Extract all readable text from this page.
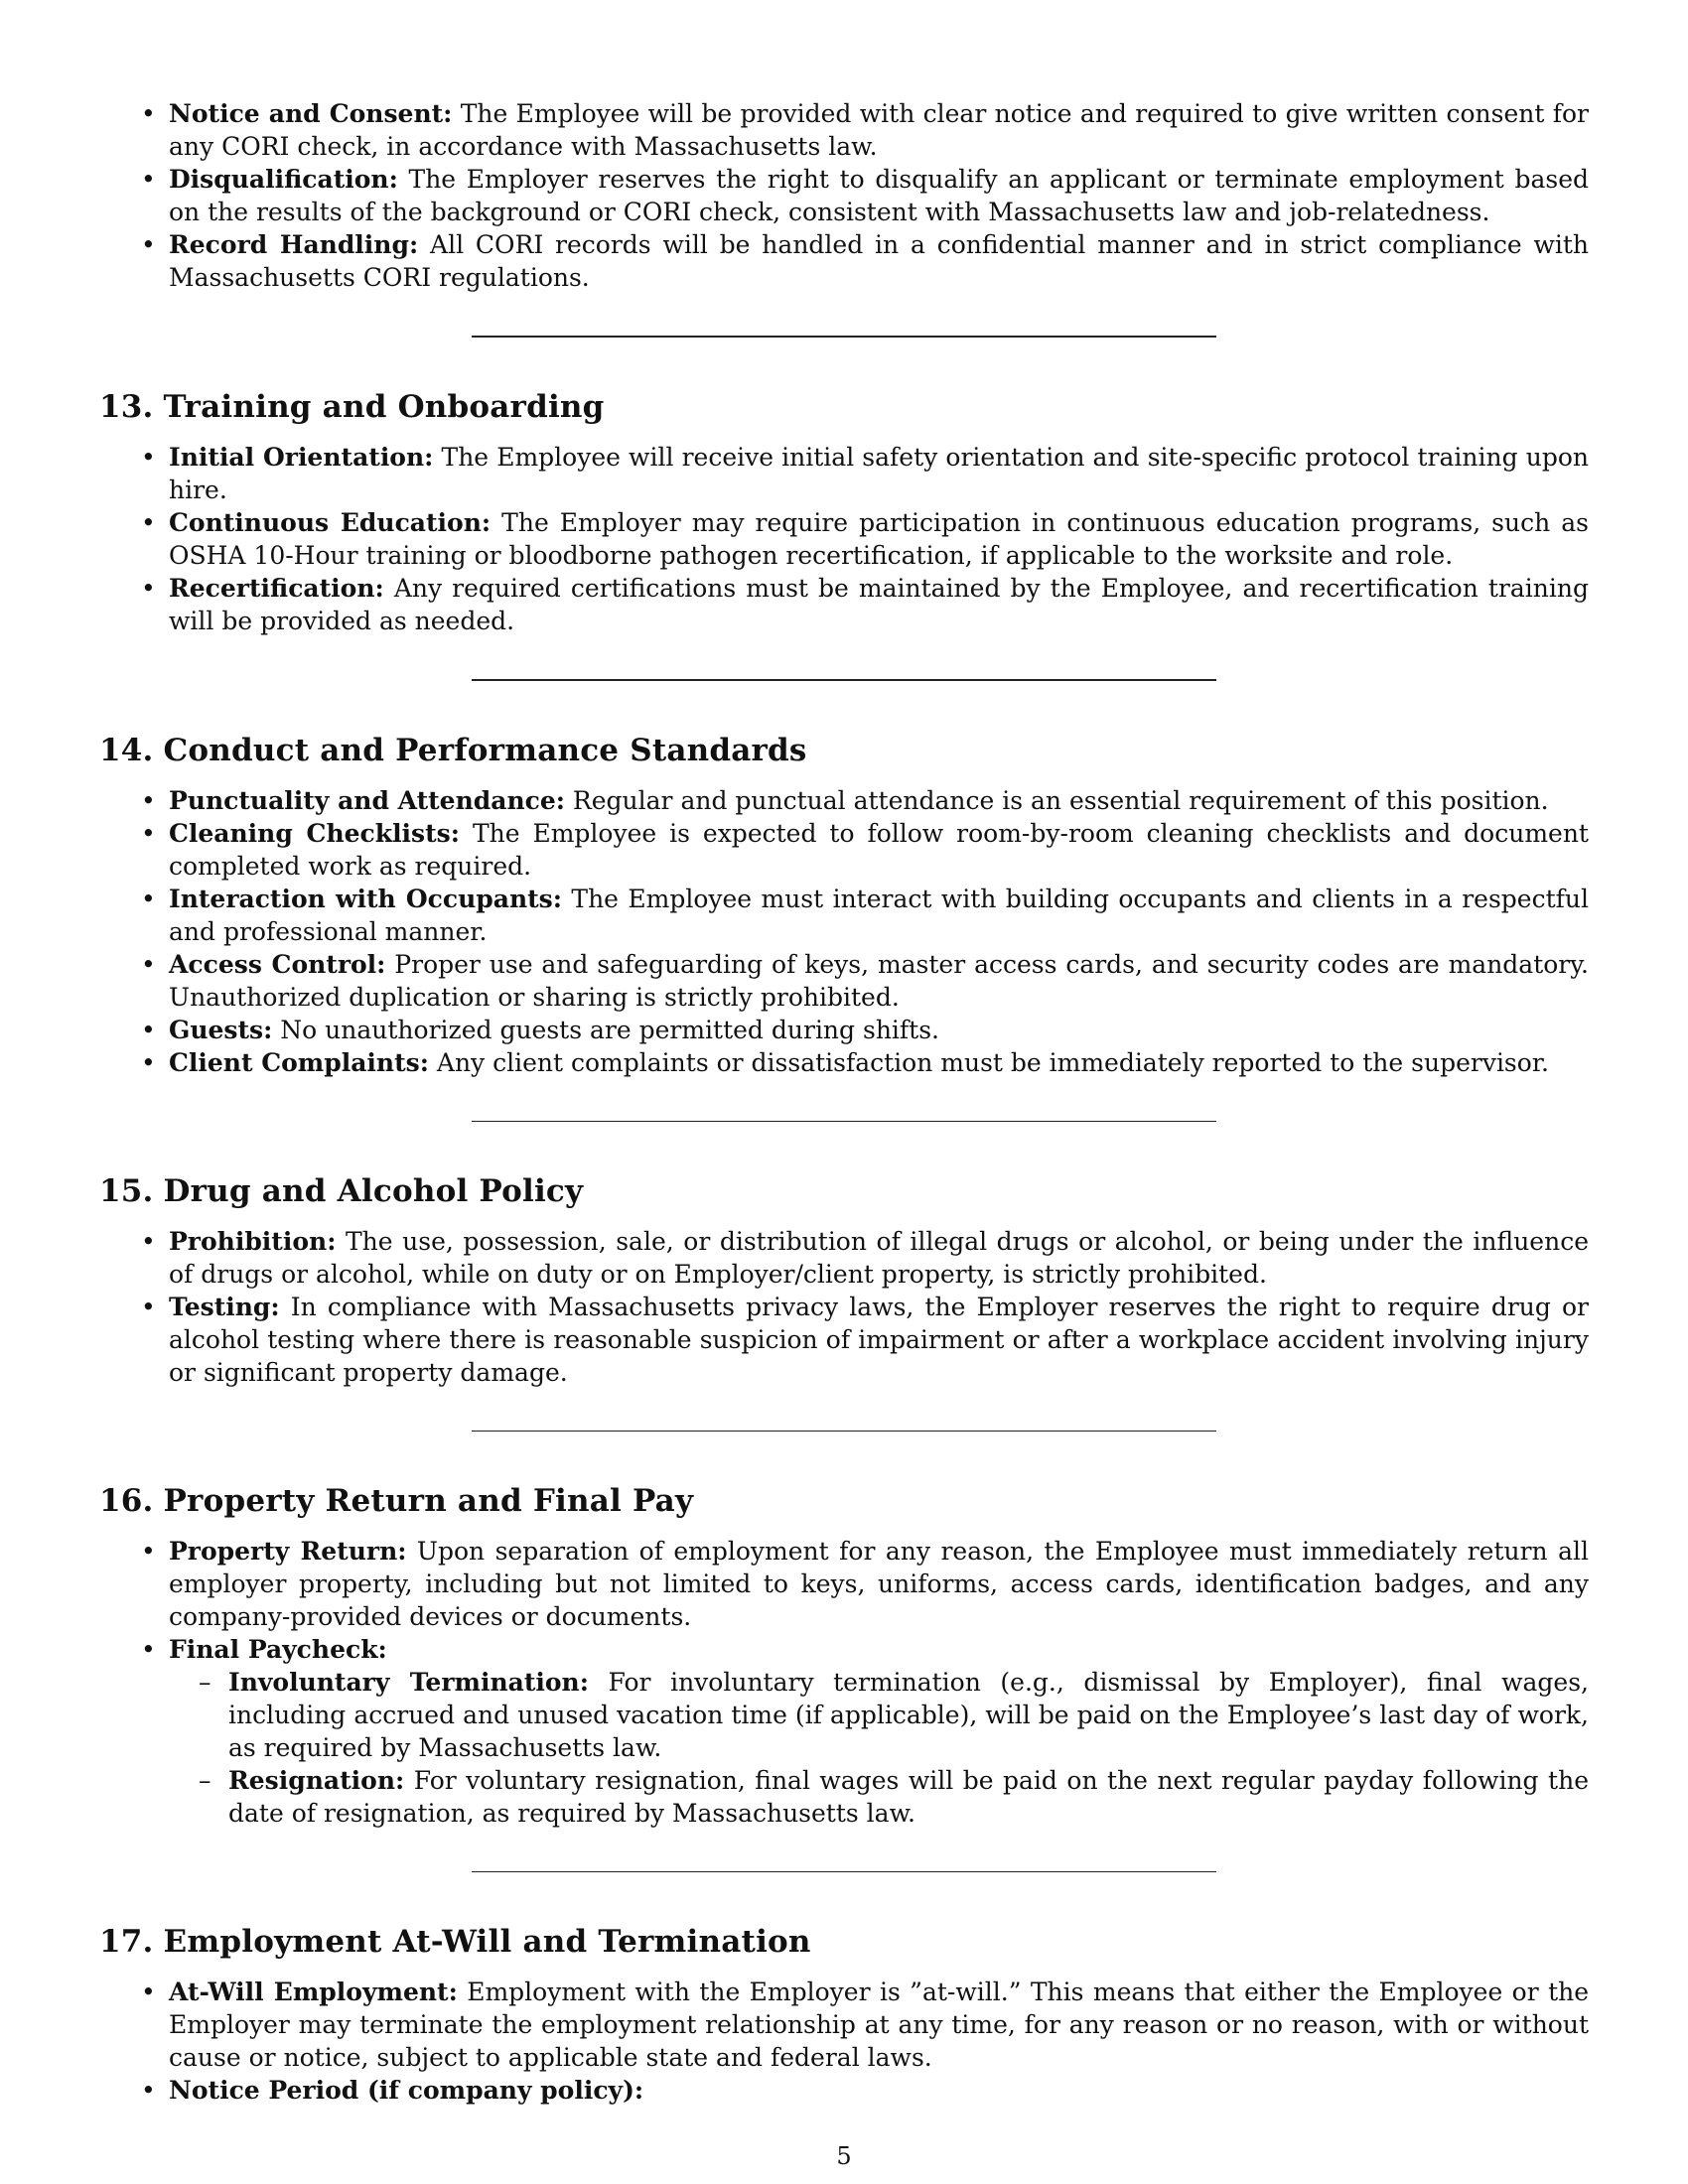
• Notice and Consent: The Employee will be provided with clear notice and required to give written consent for any CORI check, in accordance with Massachusetts law.
• Disqualification: The Employer reserves the right to disqualify an applicant or terminate employment based on the results of the background or CORI check, consistent with Massachusetts law and job-relatedness.
• Record Handling: All CORI records will be handled in a confidential manner and in strict compliance with Massachusetts CORI regulations.
13. Training and Onboarding
• Initial Orientation: The Employee will receive initial safety orientation and site-specific protocol training upon hire.
• Continuous Education: The Employer may require participation in continuous education programs, such as OSHA 10-Hour training or bloodborne pathogen recertification, if applicable to the worksite and role.
• Recertification: Any required certifications must be maintained by the Employee, and recertification training will be provided as needed.
14. Conduct and Performance Standards
• Punctuality and Attendance: Regular and punctual attendance is an essential requirement of this position.
• Cleaning Checklists: The Employee is expected to follow room-by-room cleaning checklists and document completed work as required.
• Interaction with Occupants: The Employee must interact with building occupants and clients in a respectful and professional manner.
• Access Control: Proper use and safeguarding of keys, master access cards, and security codes are mandatory. Unauthorized duplication or sharing is strictly prohibited.
• Guests: No unauthorized guests are permitted during shifts.
• Client Complaints: Any client complaints or dissatisfaction must be immediately reported to the supervisor.
15. Drug and Alcohol Policy
• Prohibition: The use, possession, sale, or distribution of illegal drugs or alcohol, or being under the influence of drugs or alcohol, while on duty or on Employer/client property, is strictly prohibited.
• Testing: In compliance with Massachusetts privacy laws, the Employer reserves the right to require drug or alcohol testing where there is reasonable suspicion of impairment or after a workplace accident involving injury or significant property damage.
16. Property Return and Final Pay
• Property Return: Upon separation of employment for any reason, the Employee must immediately return all employer property, including but not limited to keys, uniforms, access cards, identification badges, and any company-provided devices or documents.
• Final Paycheck:
– Involuntary Termination: For involuntary termination (e.g., dismissal by Employer), final wages, including accrued and unused vacation time (if applicable), will be paid on the Employee’s last day of work, as required by Massachusetts law.
– Resignation: For voluntary resignation, final wages will be paid on the next regular payday following the date of resignation, as required by Massachusetts law.
17. Employment At-Will and Termination
• At-Will Employment: Employment with the Employer is ”at-will.” This means that either the Employee or the Employer may terminate the employment relationship at any time, for any reason or no reason, with or without cause or notice, subject to applicable state and federal laws.
• Notice Period (if company policy):
5
